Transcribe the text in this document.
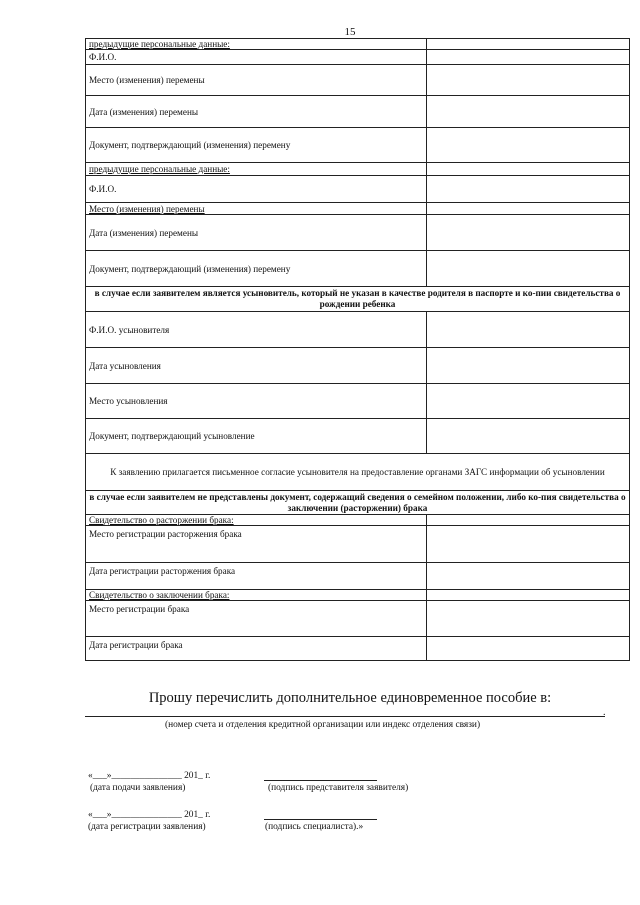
15
предыдущие персональные данные:	
Ф.И.О.	
Место (изменения) перемены	
Дата (изменения) перемены	
Документ, подтверждающий (изменения) перемену	
предыдущие персональные данные:	
Ф.И.О.	
Место (изменения) перемены	
Дата (изменения) перемены	
Документ, подтверждающий (изменения) перемену	
в случае если заявителем является усыновитель, который не указан в качестве родителя в паспорте и ко-пии свидетельства о рождении ребенка	
Ф.И.О. усыновителя	
Дата усыновления	
Место усыновления	
Документ, подтверждающий усыновление	
К заявлению прилагается письменное согласие усыновителя на предоставление органами ЗАГС информации об усыновлении	
в случае если заявителем не представлены документ, содержащий сведения о семейном положении, либо ко-пия свидетельства о заключении (расторжении) брака	
Свидетельство о расторжении брака:	
Место регистрации расторжения брака	
Дата регистрации расторжения брака	
Свидетельство о заключении брака:	
Место регистрации брака	
Дата регистрации брака	
Прошу перечислить дополнительное единовременное пособие в:
.
(номер счета и отделения кредитной организации или индекс отделения связи)
«___»_______________ 201_ г.
(дата подачи заявления)	(подпись представителя заявителя)
«___»_______________ 201_ г.
(дата регистрации заявления)	(подпись специалиста).»
